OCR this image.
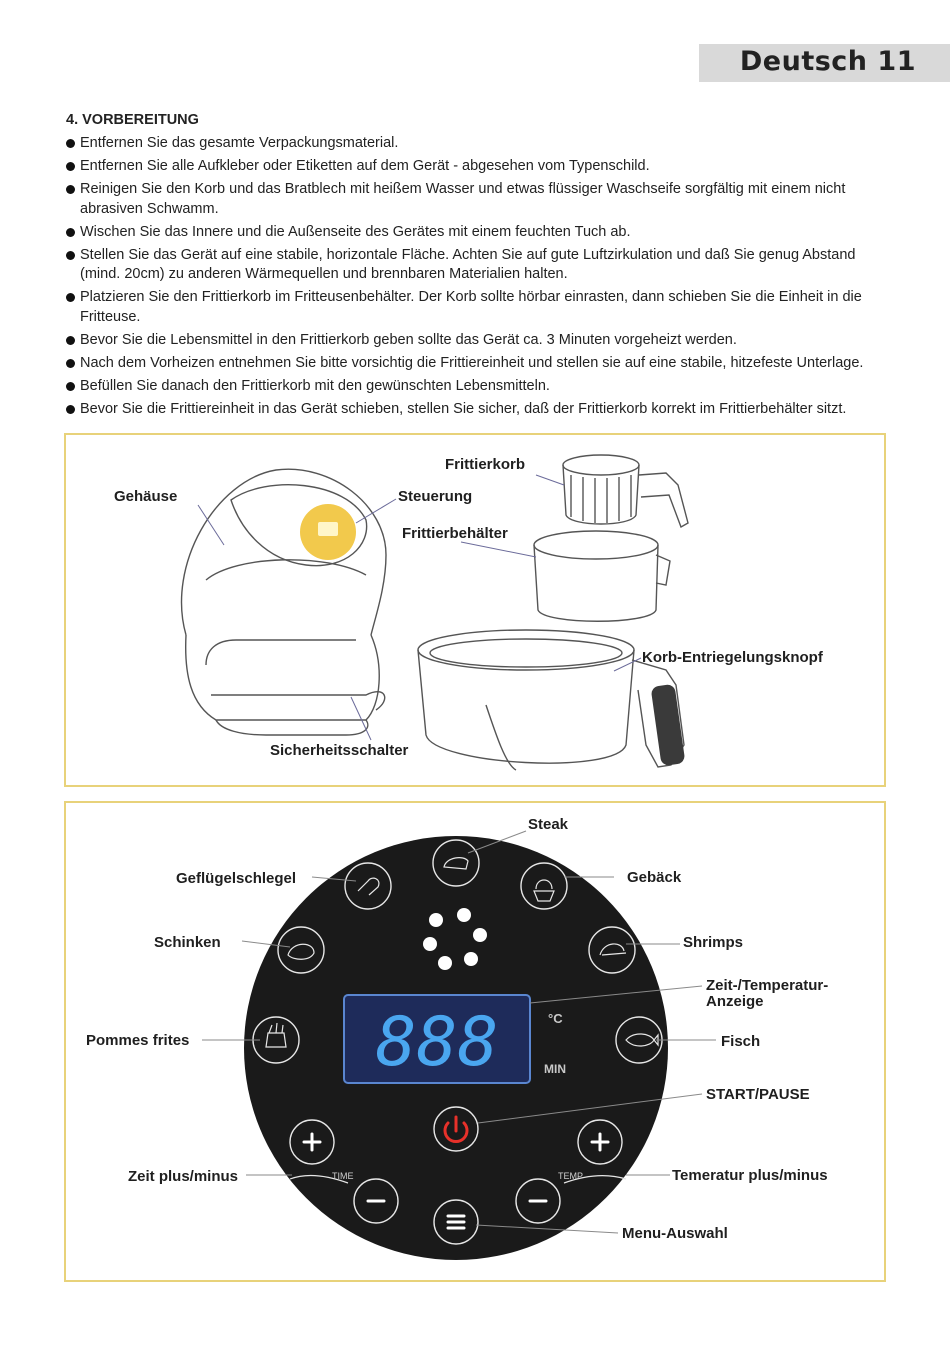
Deutsch 11
4. VORBEREITUNG
Entfernen Sie das gesamte Verpackungsmaterial.
Entfernen Sie alle Aufkleber oder Etiketten auf dem Gerät - abgesehen vom Typenschild.
Reinigen Sie den Korb und das Bratblech mit heißem Wasser und etwas flüssiger Waschseife sorgfältig mit einem nicht abrasiven Schwamm.
Wischen Sie das Innere und die Außenseite des Gerätes mit einem feuchten Tuch ab.
Stellen Sie das Gerät auf eine stabile, horizontale Fläche. Achten Sie auf gute Luftzirkulation und daß Sie genug Abstand (mind. 20cm) zu anderen Wärmequellen und brennbaren Materialien halten.
Platzieren Sie den Frittierkorb im Fritteusenbehälter. Der Korb sollte hörbar einrasten, dann schieben Sie die Einheit in die Fritteuse.
Bevor Sie die Lebensmittel in den Frittierkorb geben sollte das Gerät ca. 3 Minuten vorgeheizt werden.
Nach dem Vorheizen entnehmen Sie bitte vorsichtig die Frittiereinheit und stellen sie auf eine stabile, hitzefeste Unterlage.
Befüllen Sie danach den Frittierkorb mit den gewünschten Lebensmitteln.
Bevor Sie die Frittiereinheit in das Gerät schieben, stellen Sie sicher, daß der Frittierkorb korrekt im Frittierbehälter sitzt.
Gehäuse
Frittierkorb
Steuerung
Frittierbehälter
Korb-Entriegelungsknopf
Sicherheitsschalter
888	°C
MIN
TIME	TEMP
Steak
Geflügelschlegel	Gebäck
Schinken	Shrimps
Zeit-/Temperatur-
Anzeige
Pommes frites	Fisch
START/PAUSE
Zeit plus/minus	Temeratur plus/minus
Menu-Auswahl
